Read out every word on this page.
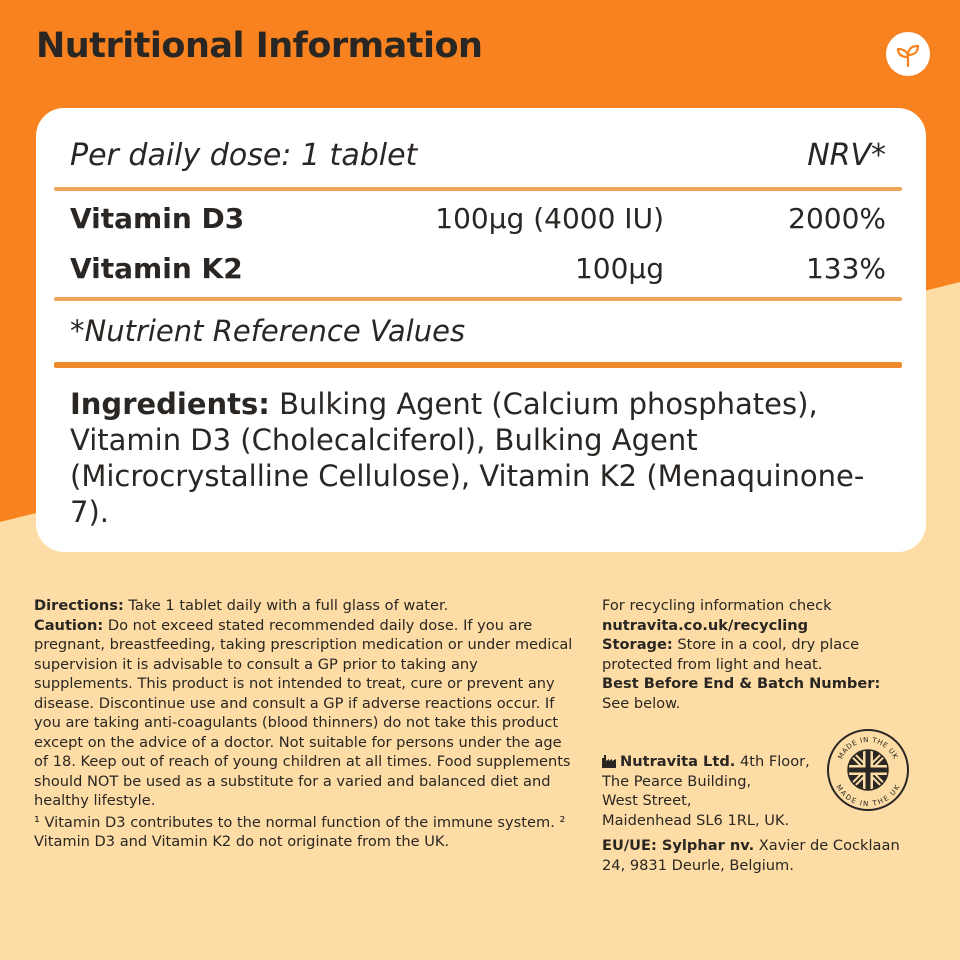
Nutritional Information
Per daily dose: 1 tablet	NRV*
Vitamin D3	100µg (4000 IU)	2000%
Vitamin K2	100µg	133%
*Nutrient Reference Values
Ingredients: Bulking Agent (Calcium phosphates), Vitamin D3 (Cholecalciferol), Bulking Agent (Microcrystalline Cellulose), Vitamin K2 (Menaquinone-7).

Directions: Take 1 tablet daily with a full glass of water.

Caution: Do not exceed stated recommended daily dose. If you are pregnant, breastfeeding, taking prescription medication or under medical supervision it is advisable to consult a GP prior to taking any supplements. This product is not intended to treat, cure or prevent any disease. Discontinue use and consult a GP if adverse reactions occur. If you are taking anti-coagulants (blood thinners) do not take this product except on the advice of a doctor. Not suitable for persons under the age of 18. Keep out of reach of young children at all times. Food supplements should NOT be used as a substitute for a varied and balanced diet and healthy lifestyle.

¹ Vitamin D3 contributes to the normal function of the immune system. ² Vitamin D3 and Vitamin K2 do not originate from the UK.

For recycling information check
nutravita.co.uk/recycling
Storage: Store in a cool, dry place protected from light and heat.
Best Before End & Batch Number:
See below.
Nutravita Ltd. 4th Floor,
The Pearce Building,
West Street,
Maidenhead SL6 1RL, UK.
EU/UE: Sylphar nv. Xavier de Cocklaan 24, 9831 Deurle, Belgium.
MADE IN THE UK
MADE IN THE UK
